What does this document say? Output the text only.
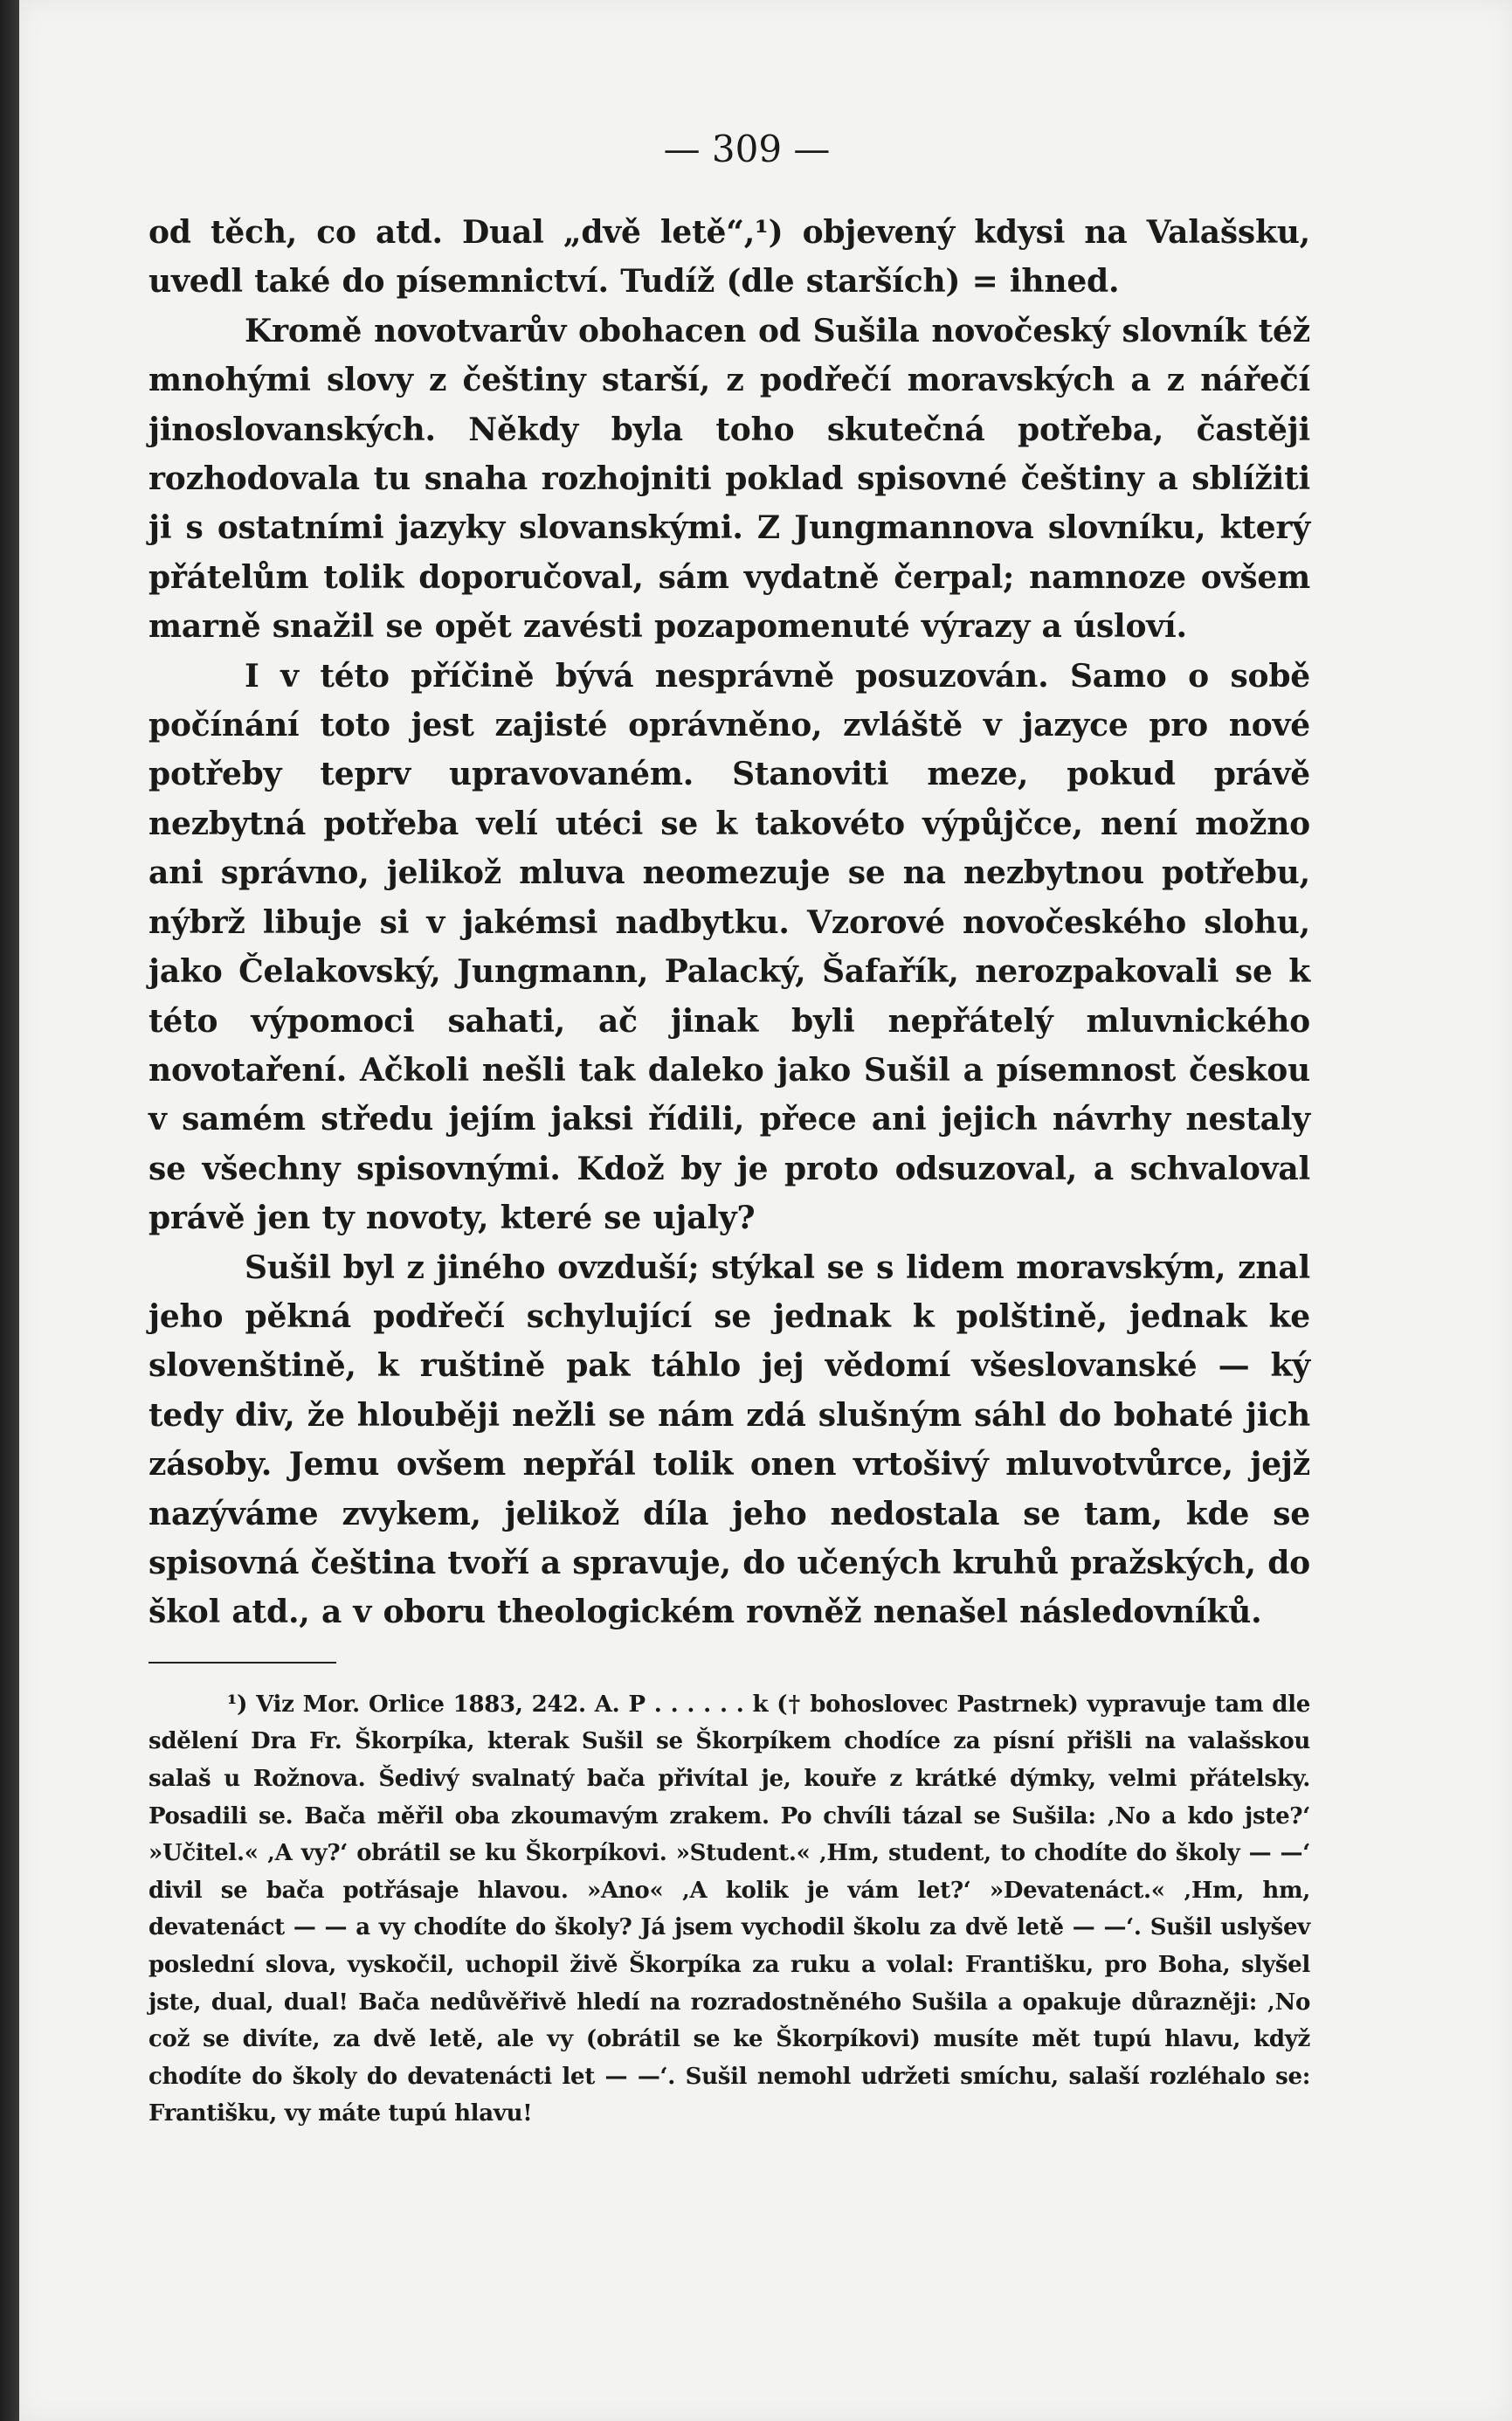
— 309 —

od těch, co atd. Dual „dvě letě“,¹) objevený kdysi na Valašsku, uvedl také do písemnictví. Tudíž (dle starších) = ihned.

Kromě novotvarův obohacen od Sušila novočeský slovník též mnohými slovy z češtiny starší, z podřečí moravských a z nářečí jinoslovanských. Někdy byla toho skutečná potřeba, častěji rozhodovala tu snaha rozhojniti poklad spisovné češtiny a sblížiti ji s ostatními jazyky slovanskými. Z Jungmannova slovníku, který přátelům tolik doporučoval, sám vydatně čerpal; namnoze ovšem marně snažil se opět zavésti pozapomenuté výrazy a úsloví.

I v této příčině bývá nesprávně posuzován. Samo o sobě počínání toto jest zajisté oprávněno, zvláště v jazyce pro nové potřeby teprv upravovaném. Stanoviti meze, pokud právě nezbytná potřeba velí utéci se k takovéto výpůjčce, není možno ani správno, jelikož mluva neomezuje se na nezbytnou potřebu, nýbrž libuje si v jakémsi nadbytku. Vzorové novočeského slohu, jako Čelakovský, Jungmann, Palacký, Šafařík, nerozpakovali se k této výpomoci sahati, ač jinak byli nepřátelý mluvnického novotaření. Ačkoli nešli tak daleko jako Sušil a písemnost českou v samém středu jejím jaksi řídili, přece ani jejich návrhy nestaly se všechny spisovnými. Kdož by je proto odsuzoval, a schvaloval právě jen ty novoty, které se ujaly?

Sušil byl z jiného ovzduší; stýkal se s lidem moravským, znal jeho pěkná podřečí schylující se jednak k polštině, jednak ke slovenštině, k ruštině pak táhlo jej vědomí všeslovanské — ký tedy div, že hlouběji nežli se nám zdá slušným sáhl do bohaté jich zásoby. Jemu ovšem nepřál tolik onen vrtošivý mluvotvůrce, jejž nazýváme zvykem, jelikož díla jeho nedostala se tam, kde se spisovná čeština tvoří a spravuje, do učených kruhů pražských, do škol atd., a v oboru theologickém rovněž nenašel následovníků.

¹) Viz Mor. Orlice 1883, 242. A. P . . . . . . k († bohoslovec Pastrnek) vypravuje tam dle sdělení Dra Fr. Škorpíka, kterak Sušil se Škorpíkem chodíce za písní přišli na valašskou salaš u Rožnova. Šedivý svalnatý bača přivítal je, kouře z krátké dýmky, velmi přátelsky. Posadili se. Bača měřil oba zkoumavým zrakem. Po chvíli tázal se Sušila: ‚No a kdo jste?‘ »Učitel.« ‚A vy?‘ obrátil se ku Škorpíkovi. »Student.« ‚Hm, student, to chodíte do školy — —‘ divil se bača potřásaje hlavou. »Ano« ‚A kolik je vám let?‘ »Devatenáct.« ‚Hm, hm, devatenáct — — a vy chodíte do školy? Já jsem vychodil školu za dvě letě — —‘. Sušil uslyšev poslední slova, vyskočil, uchopil živě Škorpíka za ruku a volal: Františku, pro Boha, slyšel jste, dual, dual! Bača nedůvěřivě hledí na rozradostněného Sušila a opakuje důrazněji: ‚No což se divíte, za dvě letě, ale vy (obrátil se ke Škorpíkovi) musíte mět tupú hlavu, když chodíte do školy do devatenácti let — —‘. Sušil nemohl udržeti smíchu, salaší rozléhalo se: Františku, vy máte tupú hlavu!
